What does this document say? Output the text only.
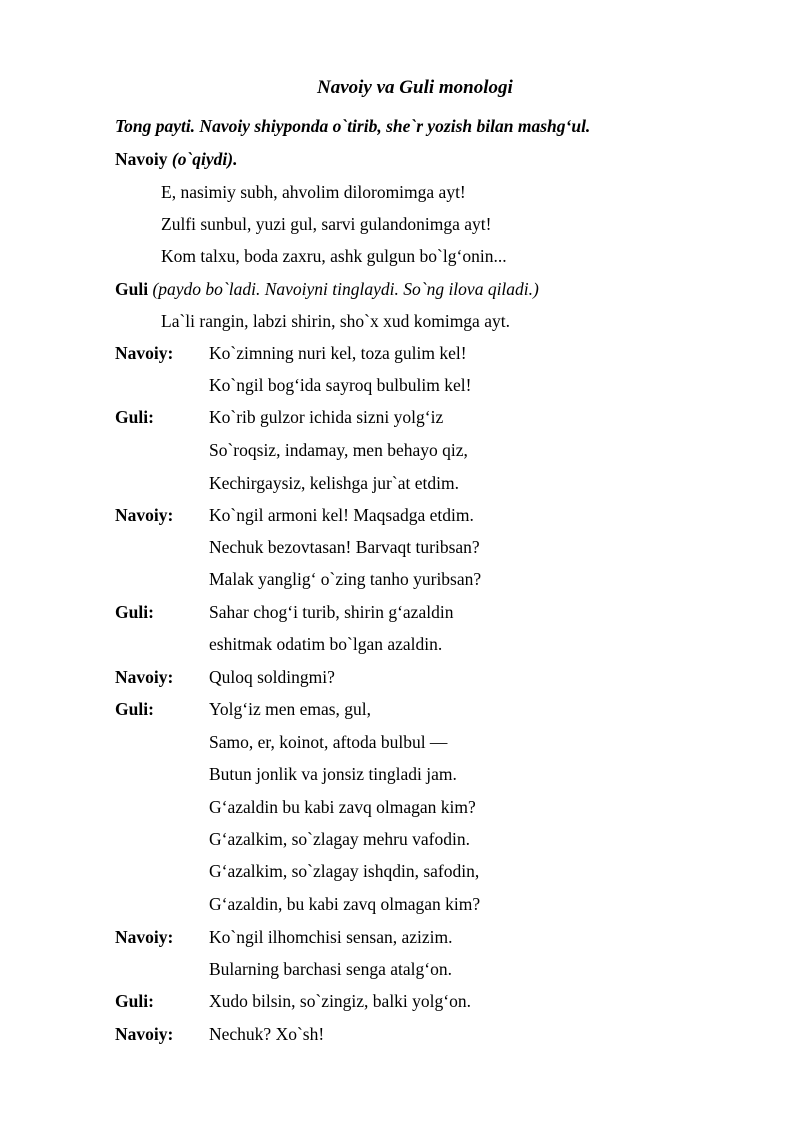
Navoiy va Guli monologi
Tong payti. Navoiy shiyponda o`tirib, she`r yozish bilan mashg‘ul.
Navoiy (o`qiydi).
E, nasimiy subh, ahvolim diloromimga ayt!
Zulfi sunbul, yuzi gul, sarvi gulandonimga ayt!
Kom talxu, boda zaxru, ashk gulgun bo`lg‘onin...
Guli (paydo bo`ladi. Navoiyni tinglaydi. So`ng ilova qiladi.)
La`li rangin, labzi shirin, sho`x xud komimga ayt.
Navoiy: Ko`zimning nuri kel, toza gulim kel!
Ko`ngil bog‘ida sayroq bulbulim kel!
Guli:	Ko`rib gulzor ichida sizni yolg‘iz
So`roqsiz, indamay, men behayo qiz,
Kechirgaysiz, kelishga jur`at etdim.
Navoiy: Ko`ngil armoni kel! Maqsadga etdim.
Nechuk bezovtasan! Barvaqt turibsan?
Malak yanglig‘ o`zing tanho yuribsan?
Guli:	Sahar chog‘i turib, shirin g‘azaldin
eshitmak odatim bo`lgan azaldin.
Navoiy: Quloq soldingmi?
Guli:	Yolg‘iz men emas, gul,
Samo, er, koinot, aftoda bulbul —
Butun jonlik va jonsiz tingladi jam.
G‘azaldin bu kabi zavq olmagan kim?
G‘azalkim, so`zlagay mehru vafodin.
G‘azalkim, so`zlagay ishqdin, safodin,
G‘azaldin, bu kabi zavq olmagan kim?
Navoiy: Ko`ngil ilhomchisi sensan, azizim.
Bularning barchasi senga atalg‘on.
Guli:	Xudo bilsin, so`zingiz, balki yolg‘on.
Navoiy: Nechuk? Xo`sh!
